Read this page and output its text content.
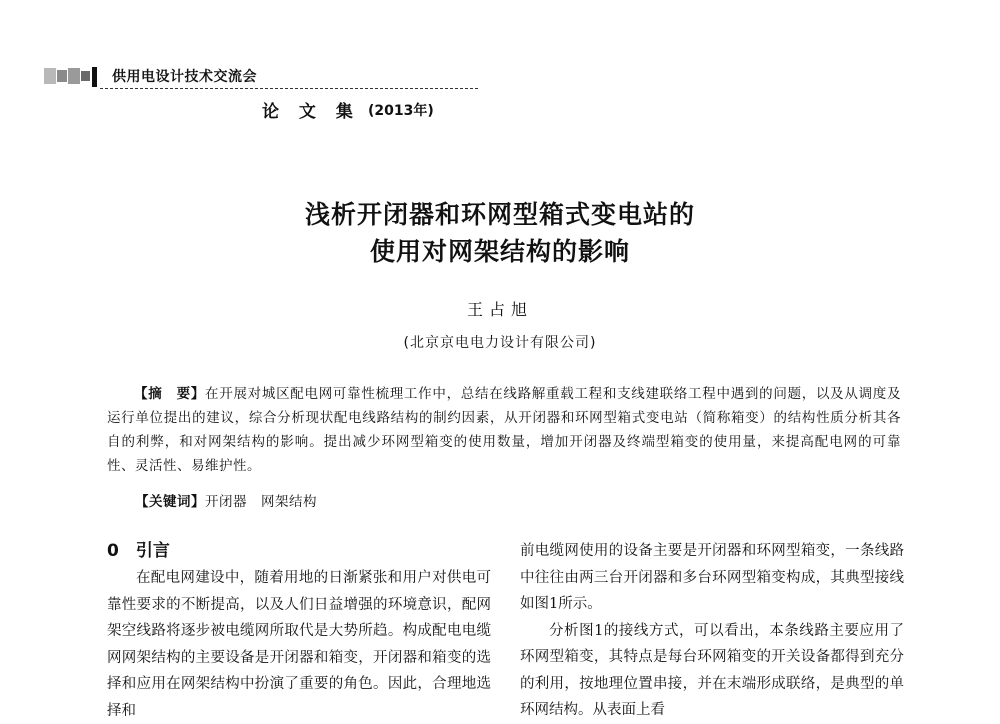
供用电设计技术交流会
论 文 集 (2013年)
浅析开闭器和环网型箱式变电站的
使用对网架结构的影响
王占旭
(北京京电电力设计有限公司)
【摘　要】在开展对城区配电网可靠性梳理工作中，总结在线路解重载工程和支线建联络工程中遇到的问题，以及从调度及运行单位提出的建议，综合分析现状配电线路结构的制约因素，从开闭器和环网型箱式变电站（简称箱变）的结构性质分析其各自的利弊，和对网架结构的影响。提出减少环网型箱变的使用数量，增加开闭器及终端型箱变的使用量，来提高配电网的可靠性、灵活性、易维护性。
【关键词】开闭器　网架结构
0　引言

在配电网建设中，随着用地的日渐紧张和用户对供电可靠性要求的不断提高，以及人们日益增强的环境意识，配网架空线路将逐步被电缆网所取代是大势所趋。构成配电电缆网网架结构的主要设备是开闭器和箱变，开闭器和箱变的选择和应用在网架结构中扮演了重要的角色。因此，合理地选择和

前电缆网使用的设备主要是开闭器和环网型箱变，一条线路中往往由两三台开闭器和多台环网型箱变构成，其典型接线如图1所示。

分析图1的接线方式，可以看出，本条线路主要应用了环网型箱变，其特点是每台环网箱变的开关设备都得到充分的利用，按地理位置串接，并在末端形成联络，是典型的单环网结构。从表面上看
